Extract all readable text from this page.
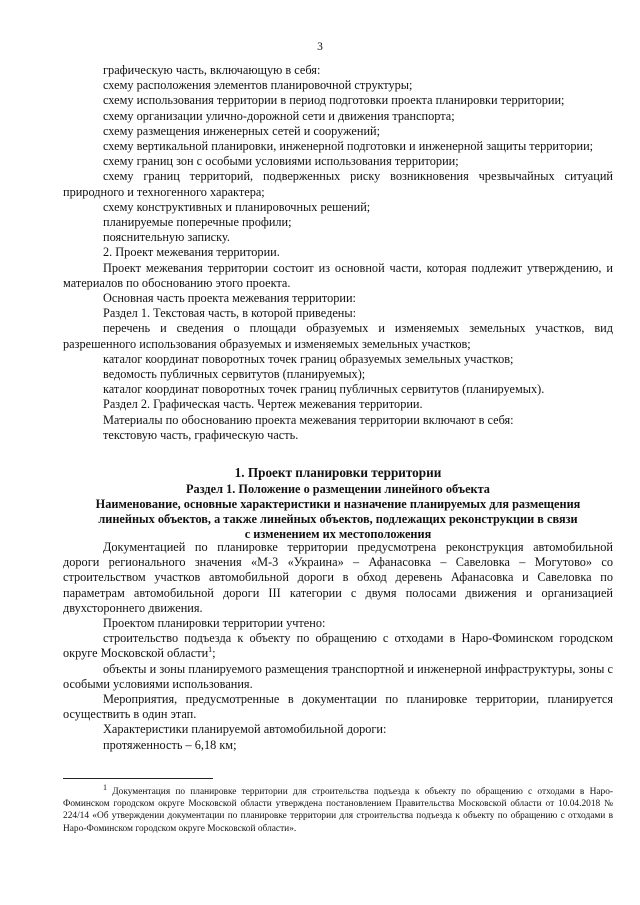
3

графическую часть, включающую в себя:

схему расположения элементов планировочной структуры;

схему использования территории в период подготовки проекта планировки территории;

схему организации улично-дорожной сети и движения транспорта;

схему размещения инженерных сетей и сооружений;

схему вертикальной планировки, инженерной подготовки и инженерной защиты территории;

схему границ зон с особыми условиями использования территории;

схему границ территорий, подверженных риску возникновения чрезвычайных ситуаций природного и техногенного характера;

схему конструктивных и планировочных решений;

планируемые поперечные профили;

пояснительную записку.

2. Проект межевания территории.

Проект межевания территории состоит из основной части, которая подлежит утверждению, и материалов по обоснованию этого проекта.

Основная часть проекта межевания территории:

Раздел 1. Текстовая часть, в которой приведены:

перечень и сведения о площади образуемых и изменяемых земельных участков, вид разрешенного использования образуемых и изменяемых земельных участков;

каталог координат поворотных точек границ образуемых земельных участков;

ведомость публичных сервитутов (планируемых);

каталог координат поворотных точек границ публичных сервитутов (планируемых).

Раздел 2. Графическая часть. Чертеж межевания территории.

Материалы по обоснованию проекта межевания территории включают в себя:

текстовую часть, графическую часть.

1. Проект планировки территории
Раздел 1. Положение о размещении линейного объекта
Наименование, основные характеристики и назначение планируемых для размещения
линейных объектов, а также линейных объектов, подлежащих реконструкции в связи
с изменением их местоположения

Документацией по планировке территории предусмотрена реконструкция автомобильной дороги регионального значения «М-3 «Украина» – Афанасовка – Савеловка – Могутово» со строительством участков автомобильной дороги в обход деревень Афанасовка и Савеловка по параметрам автомобильной дороги III категории с двумя полосами движения и организацией двухстороннего движения.

Проектом планировки территории учтено:

строительство подъезда к объекту по обращению с отходами в Наро-Фоминском городском округе Московской области$^1$;

объекты и зоны планируемого размещения транспортной и инженерной инфраструктуры, зоны с особыми условиями использования.

Мероприятия, предусмотренные в документации по планировке территории, планируется осуществить в один этап.

Характеристики планируемой автомобильной дороги:

протяженность – 6,18 км;

$^1$ Документация по планировке территории для строительства подъезда к объекту по обращению с отходами в Наро-Фоминском городском округе Московской области утверждена постановлением Правительства Московской области от 10.04.2018 № 224/14 «Об утверждении документации по планировке территории для строительства подъезда к объекту по обращению с отходами в Наро-Фоминском городском округе Московской области».
